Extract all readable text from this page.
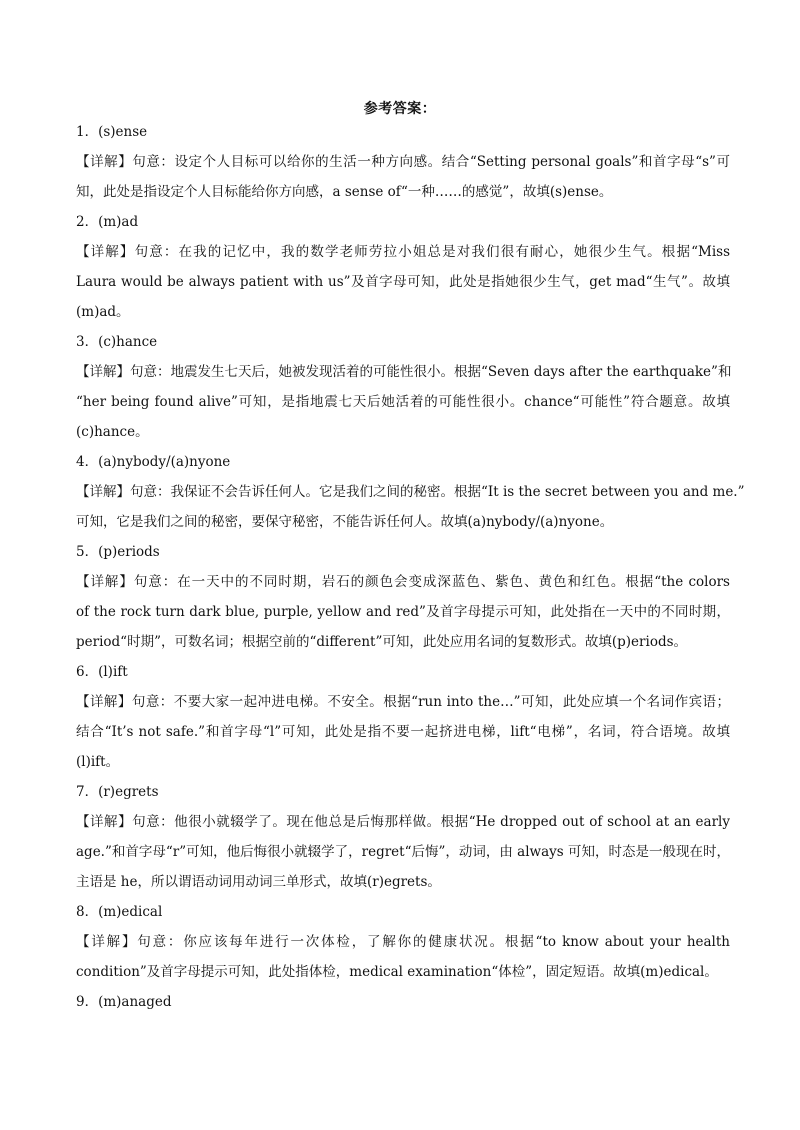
参考答案：
1．(s)ense
【详解】句意：设定个人目标可以给你的生活一种方向感。结合“Setting personal goals”和首字母“s”可
知，此处是指设定个人目标能给你方向感，a sense of“一种……的感觉”，故填(s)ense。
2．(m)ad
【详解】句意：在我的记忆中，我的数学老师劳拉小姐总是对我们很有耐心，她很少生气。根据“Miss
Laura would be always patient with us”及首字母可知，此处是指她很少生气，get mad“生气”。故填
(m)ad。
3．(c)hance
【详解】句意：地震发生七天后，她被发现活着的可能性很小。根据“Seven days after the earthquake”和
“her being found alive”可知，是指地震七天后她活着的可能性很小。chance“可能性”符合题意。故填
(c)hance。
4．(a)nybody/(a)nyone
【详解】句意：我保证不会告诉任何人。它是我们之间的秘密。根据“It is the secret between you and me.”
可知，它是我们之间的秘密，要保守秘密，不能告诉任何人。故填(a)nybody/(a)nyone。
5．(p)eriods
【详解】句意：在一天中的不同时期，岩石的颜色会变成深蓝色、紫色、黄色和红色。根据“the colors
of the rock turn dark blue, purple, yellow and red”及首字母提示可知，此处指在一天中的不同时期，
period“时期”，可数名词；根据空前的“different”可知，此处应用名词的复数形式。故填(p)eriods。
6．(l)ift
【详解】句意：不要大家一起冲进电梯。不安全。根据“run into the…”可知，此处应填一个名词作宾语；
结合“It’s not safe.”和首字母“l”可知，此处是指不要一起挤进电梯，lift“电梯”，名词，符合语境。故填
(l)ift。
7．(r)egrets
【详解】句意：他很小就辍学了。现在他总是后悔那样做。根据“He dropped out of school at an early
age.”和首字母“r”可知，他后悔很小就辍学了，regret“后悔”，动词，由 always 可知，时态是一般现在时，
主语是 he，所以谓语动词用动词三单形式，故填(r)egrets。
8．(m)edical
【详解】句意：你应该每年进行一次体检，了解你的健康状况。根据“to know about your health
condition”及首字母提示可知，此处指体检，medical examination“体检”，固定短语。故填(m)edical。
9．(m)anaged
